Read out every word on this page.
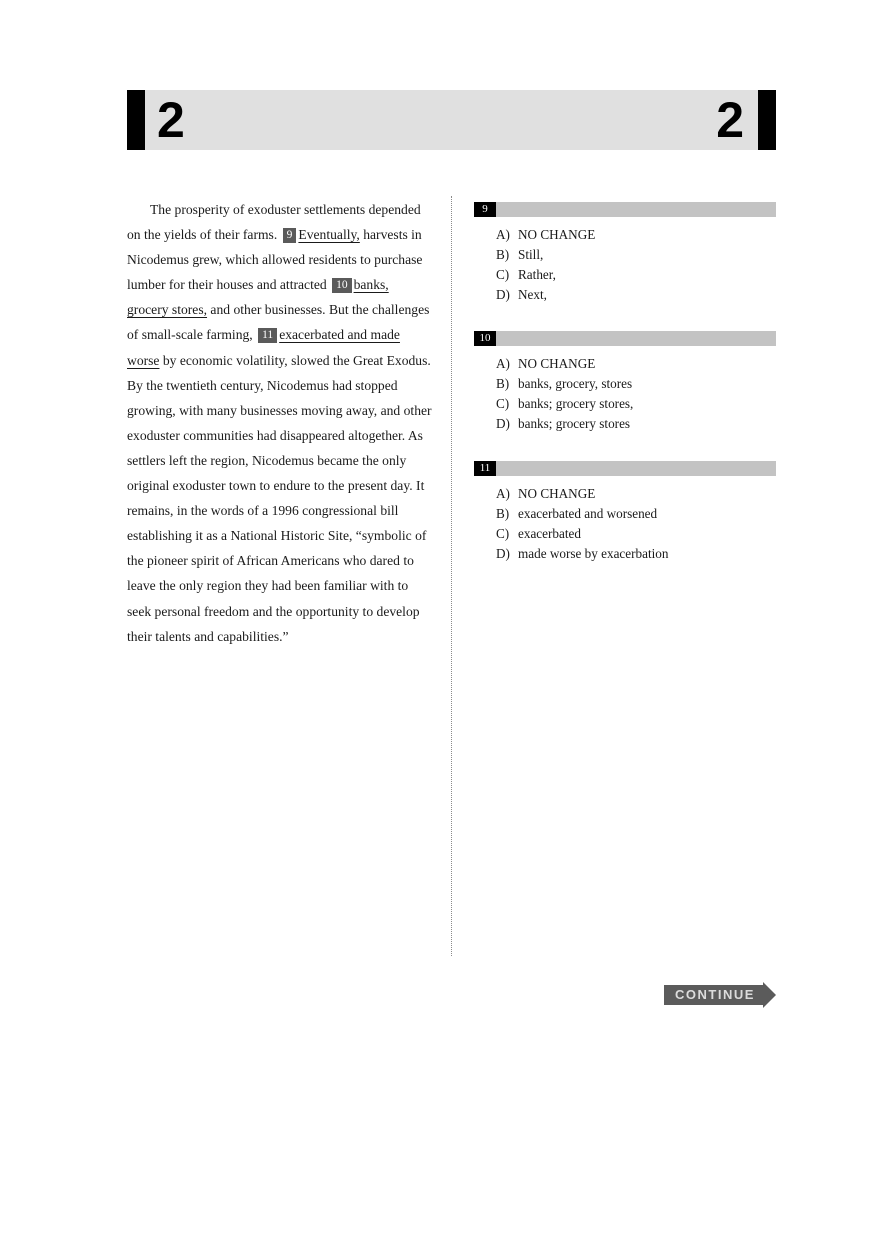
2	2

The prosperity of exoduster settlements depended on the yields of their farms. 9 Eventually, harvests in Nicodemus grew, which allowed residents to purchase lumber for their houses and attracted 10 banks, grocery stores, and other businesses. But the challenges of small-scale farming, 11 exacerbated and made worse by economic volatility, slowed the Great Exodus. By the twentieth century, Nicodemus had stopped growing, with many businesses moving away, and other exoduster communities had disappeared altogether. As settlers left the region, Nicodemus became the only original exoduster town to endure to the present day. It remains, in the words of a 1996 congressional bill establishing it as a National Historic Site, “symbolic of the pioneer spirit of African Americans who dared to leave the only region they had been familiar with to seek personal freedom and the opportunity to develop their talents and capabilities.”

9
A) NO CHANGE
B) Still,
C) Rather,
D) Next,
10
A) NO CHANGE
B) banks, grocery, stores
C) banks; grocery stores,
D) banks; grocery stores
11
A) NO CHANGE
B) exacerbated and worsened
C) exacerbated
D) made worse by exacerbation
CONTINUE
